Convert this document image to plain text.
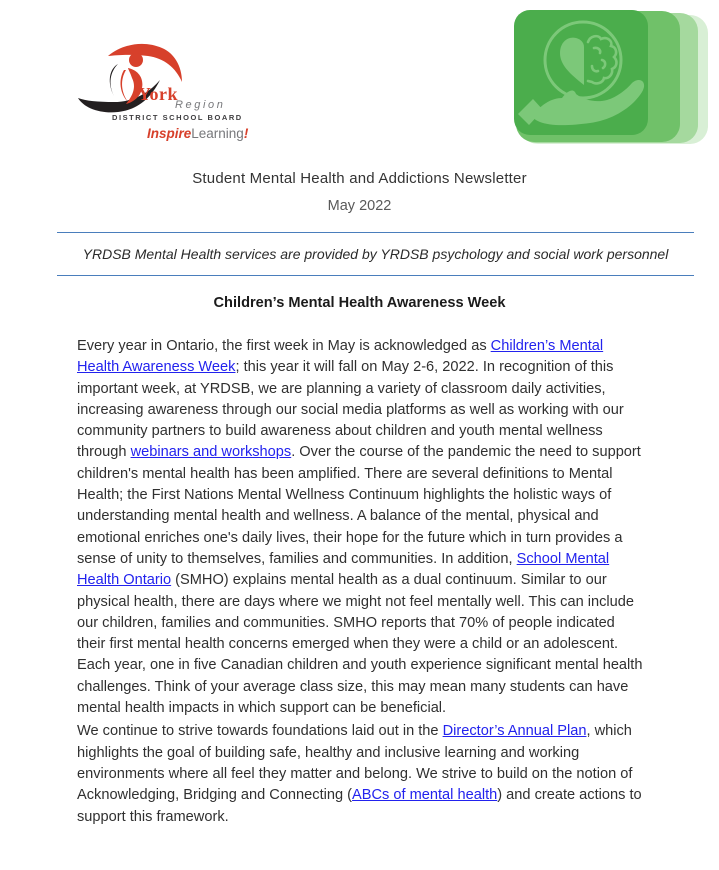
York
Region
DISTRICT SCHOOL BOARD
InspireLearning!
Student Mental Health and Addictions Newsletter
May 2022
YRDSB Mental Health services are provided by YRDSB psychology and social work personnel
Children’s Mental Health Awareness Week

Every year in Ontario, the first week in May is acknowledged as Children’s Mental Health Awareness Week; this year it will fall on May 2-6, 2022. In recognition of this important week, at YRDSB, we are planning a variety of classroom daily activities, increasing awareness through our social media platforms as well as working with our community partners to build awareness about children and youth mental wellness through webinars and workshops. Over the course of the pandemic the need to support children's mental health has been amplified. There are several definitions to Mental Health; the First Nations Mental Wellness Continuum highlights the holistic ways of understanding mental health and wellness. A balance of the mental, physical and emotional enriches one's daily lives, their hope for the future which in turn provides a sense of unity to themselves, families and communities. In addition, School Mental Health Ontario (SMHO) explains mental health as a dual continuum. Similar to our physical health, there are days where we might not feel mentally well. This can include our children, families and communities. SMHO reports that 70% of people indicated their first mental health concerns emerged when they were a child or an adolescent. Each year, one in five Canadian children and youth experience significant mental health challenges. Think of your average class size, this may mean many students can have mental health impacts in which support can be beneficial.

We continue to strive towards foundations laid out in the Director’s Annual Plan, which highlights the goal of building safe, healthy and inclusive learning and working environments where all feel they matter and belong. We strive to build on the notion of Acknowledging, Bridging and Connecting (ABCs of mental health) and create actions to support this framework.
